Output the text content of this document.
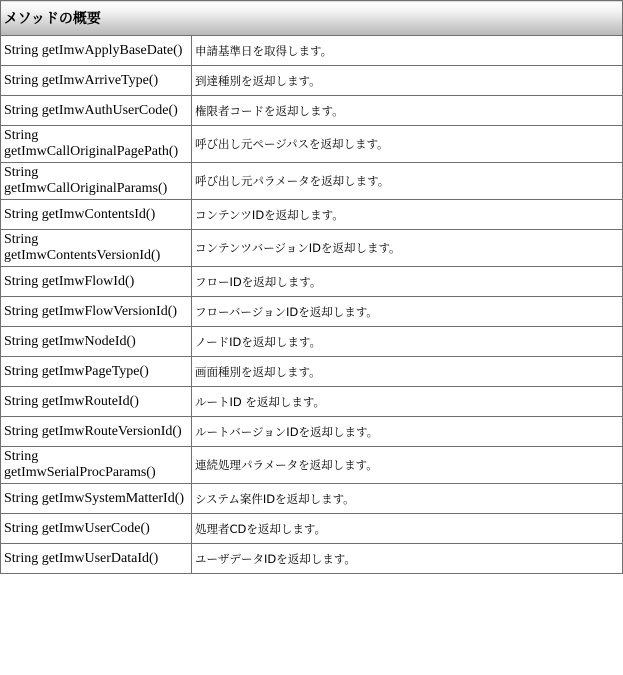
メソッドの概要	
String getImwApplyBaseDate()	申請基準日を取得します。
String getImwArriveType()	到達種別を返却します。
String getImwAuthUserCode()	権限者コードを返却します。
String getImwCallOriginalPagePath()	呼び出し元ページパスを返却します。
String getImwCallOriginalParams()	呼び出し元パラメータを返却します。
String getImwContentsId()	コンテンツIDを返却します。
String getImwContentsVersionId()	コンテンツバージョンIDを返却します。
String getImwFlowId()	フローIDを返却します。
String getImwFlowVersionId()	フローバージョンIDを返却します。
String getImwNodeId()	ノードIDを返却します。
String getImwPageType()	画面種別を返却します。
String getImwRouteId()	ルートID を返却します。
String getImwRouteVersionId()	ルートバージョンIDを返却します。
String getImwSerialProcParams()	連続処理パラメータを返却します。
String getImwSystemMatterId()	システム案件IDを返却します。
String getImwUserCode()	処理者CDを返却します。
String getImwUserDataId()	ユーザデータIDを返却します。
